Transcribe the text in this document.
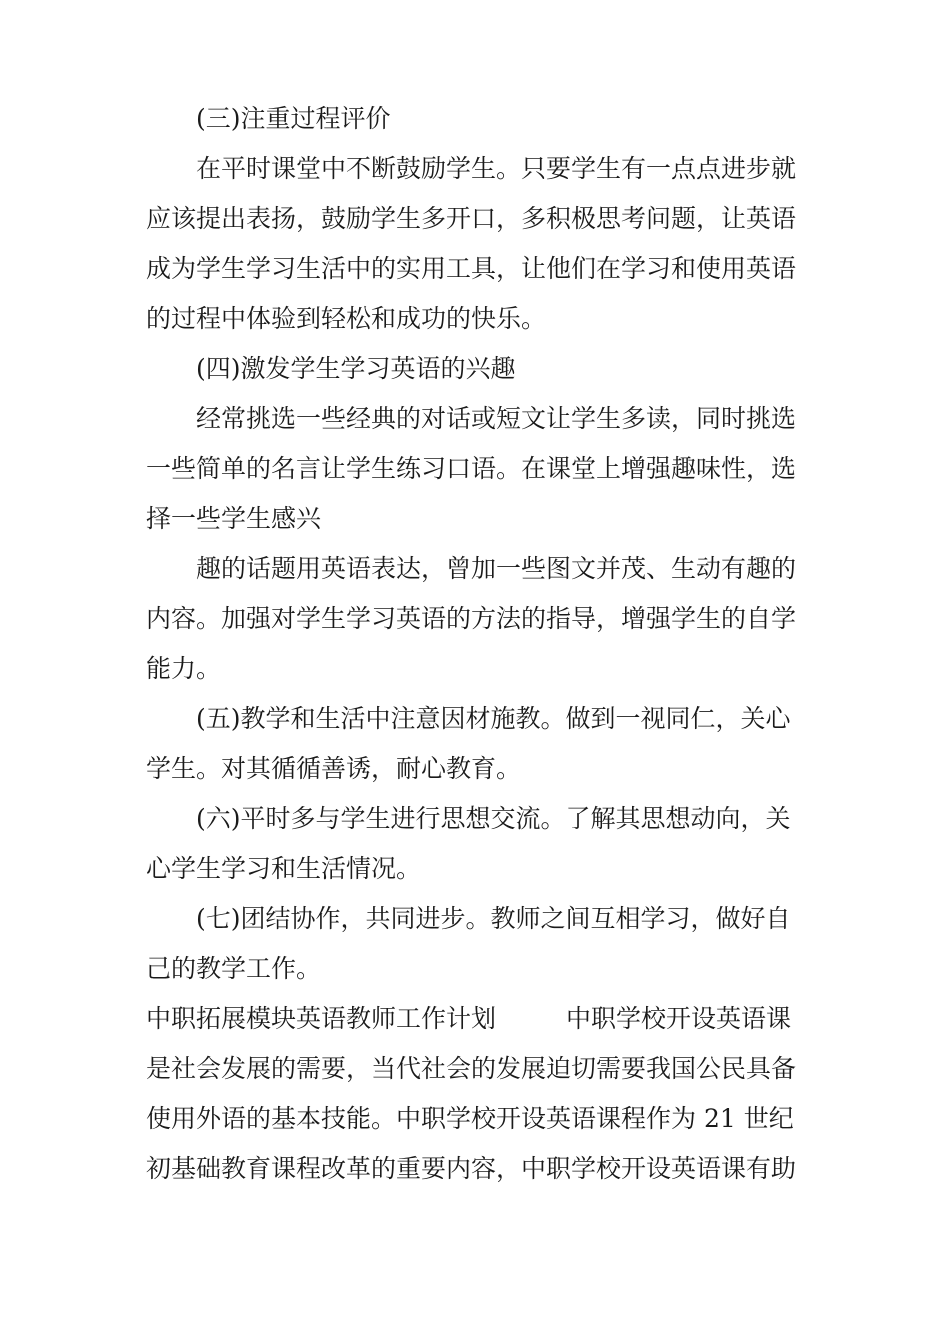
(三)注重过程评价

在平时课堂中不断鼓励学生。只要学生有一点点进步就
应该提出表扬，鼓励学生多开口，多积极思考问题，让英语
成为学生学习生活中的实用工具，让他们在学习和使用英语
的过程中体验到轻松和成功的快乐。

(四)激发学生学习英语的兴趣

经常挑选一些经典的对话或短文让学生多读，同时挑选
一些简单的名言让学生练习口语。在课堂上增强趣味性，选
择一些学生感兴

趣的话题用英语表达，曾加一些图文并茂、生动有趣的
内容。加强对学生学习英语的方法的指导，增强学生的自学
能力。

(五)教学和生活中注意因材施教。做到一视同仁，关心
学生。对其循循善诱，耐心教育。

(六)平时多与学生进行思想交流。了解其思想动向，关
心学生学习和生活情况。

(七)团结协作，共同进步。教师之间互相学习，做好自
己的教学工作。

中职拓展模块英语教师工作计划	中职学校开设英语课
是社会发展的需要，当代社会的发展迫切需要我国公民具备
使用外语的基本技能。中职学校开设英语课程作为 21 世纪
初基础教育课程改革的重要内容，中职学校开设英语课有助
